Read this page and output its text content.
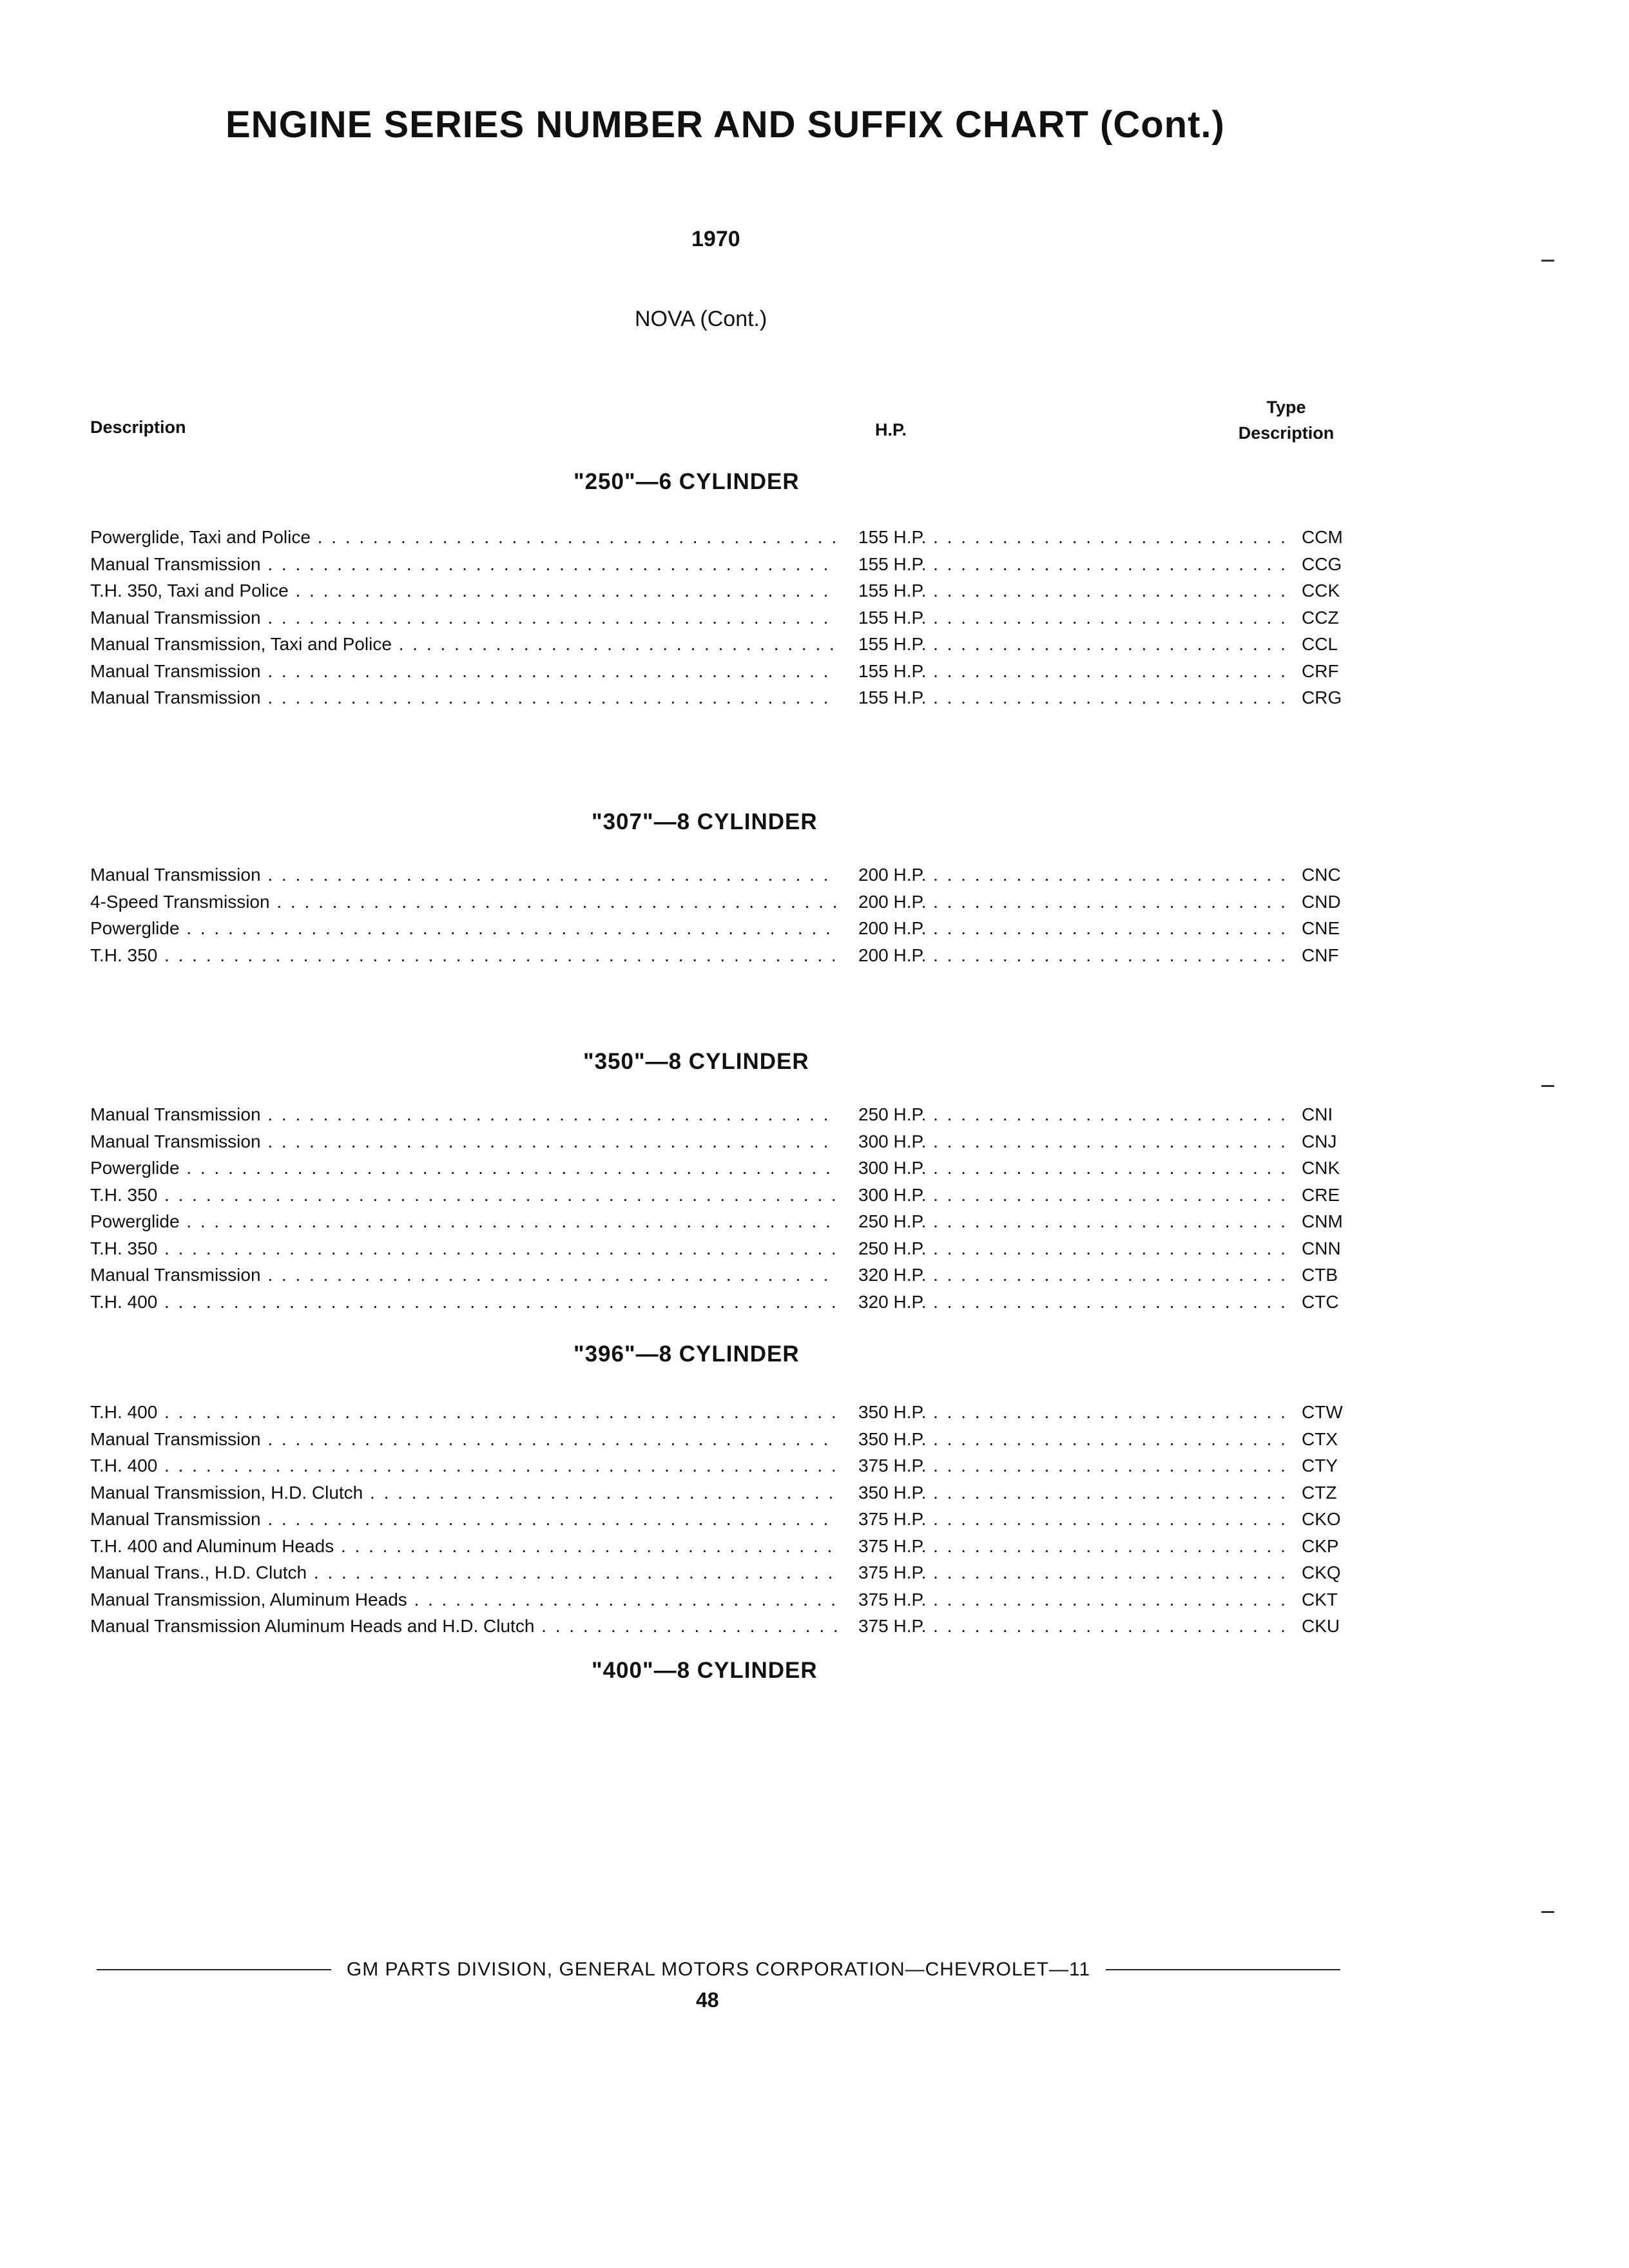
ENGINE SERIES NUMBER AND SUFFIX CHART (Cont.)
1970
NOVA (Cont.)
Description	H.P.
Type
Description
"250"—6 CYLINDER
Powerglide, Taxi and Police . . .	155 H.P. . . .	CCM
Manual Transmission . . .	155 H.P. . . .	CCG
T.H. 350, Taxi and Police . . .	155 H.P. . . .	CCK
Manual Transmission . . .	155 H.P. . . .	CCZ
Manual Transmission, Taxi and Police . . .	155 H.P. . . .	CCL
Manual Transmission . . .	155 H.P. . . .	CRF
Manual Transmission . . .	155 H.P. . . .	CRG
"307"—8 CYLINDER
Manual Transmission . . .	200 H.P. . . .	CNC
4-Speed Transmission . . .	200 H.P. . . .	CND
Powerglide . . .	200 H.P. . . .	CNE
T.H. 350 . . .	200 H.P. . . .	CNF
"350"—8 CYLINDER
Manual Transmission . . .	250 H.P. . . .	CNI
Manual Transmission . . .	300 H.P. . . .	CNJ
Powerglide . . .	300 H.P. . . .	CNK
T.H. 350 . . .	300 H.P. . . .	CRE
Powerglide . . .	250 H.P. . . .	CNM
T.H. 350 . . .	250 H.P. . . .	CNN
Manual Transmission . . .	320 H.P. . . .	CTB
T.H. 400 . . .	320 H.P. . . .	CTC
"396"—8 CYLINDER
T.H. 400 . . .	350 H.P. . . .	CTW
Manual Transmission . . .	350 H.P. . . .	CTX
T.H. 400 . . .	375 H.P. . . .	CTY
Manual Transmission, H.D. Clutch . . .	350 H.P. . . .	CTZ
Manual Transmission . . .	375 H.P. . . .	CKO
T.H. 400 and Aluminum Heads . . .	375 H.P. . . .	CKP
Manual Trans., H.D. Clutch . . .	375 H.P. . . .	CKQ
Manual Transmission, Aluminum Heads . . .	375 H.P. . . .	CKT
Manual Transmission Aluminum Heads and H.D. Clutch . . .	375 H.P. . . .	CKU
"400"—8 CYLINDER
GM PARTS DIVISION, GENERAL MOTORS CORPORATION—CHEVROLET—11
48
